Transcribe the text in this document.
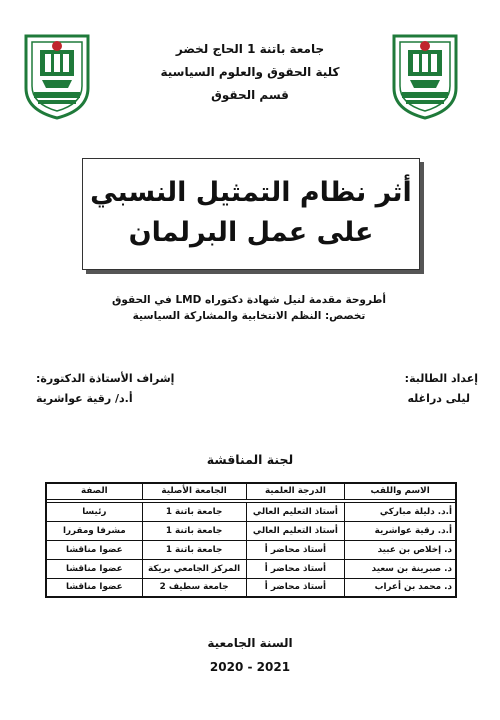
جامعة باتنة 1 الحاج لخضر
كلية الحقوق والعلوم السياسية
قسم الحقوق
أثر نظام التمثيل النسبي
على عمل البرلمان
أطروحة مقدمة لنيل شهادة دكتوراه LMD في الحقوق
تخصص: النظم الانتخابية والمشاركة السياسية
إعداد الطالبة:
ليلى دراغله
إشراف الأستاذة الدكتورة:
أ.د/ رقية عواشرية
لجنة المناقشة
الاسم واللقب	الدرجة العلمية	الجامعة الأصلية	الصفة

أ.د. دليلة مباركي	أستاذ التعليم العالي	جامعة باتنة 1	رئيسا
أ.د. رقية عواشرية	أستاذ التعليم العالي	جامعة باتنة 1	مشرفا ومقررا
د. إخلاص بن عبيد	أستاذ محاضر أ	جامعة باتنة 1	عضوا مناقشا
د. صبرينة بن سعيد	أستاذ محاضر أ	المركز الجامعي بريكة	عضوا مناقشا
د. محمد بن أعراب	أستاذ محاضر أ	جامعة سطيف 2	عضوا مناقشا
السنة الجامعية
2020 - 2021
